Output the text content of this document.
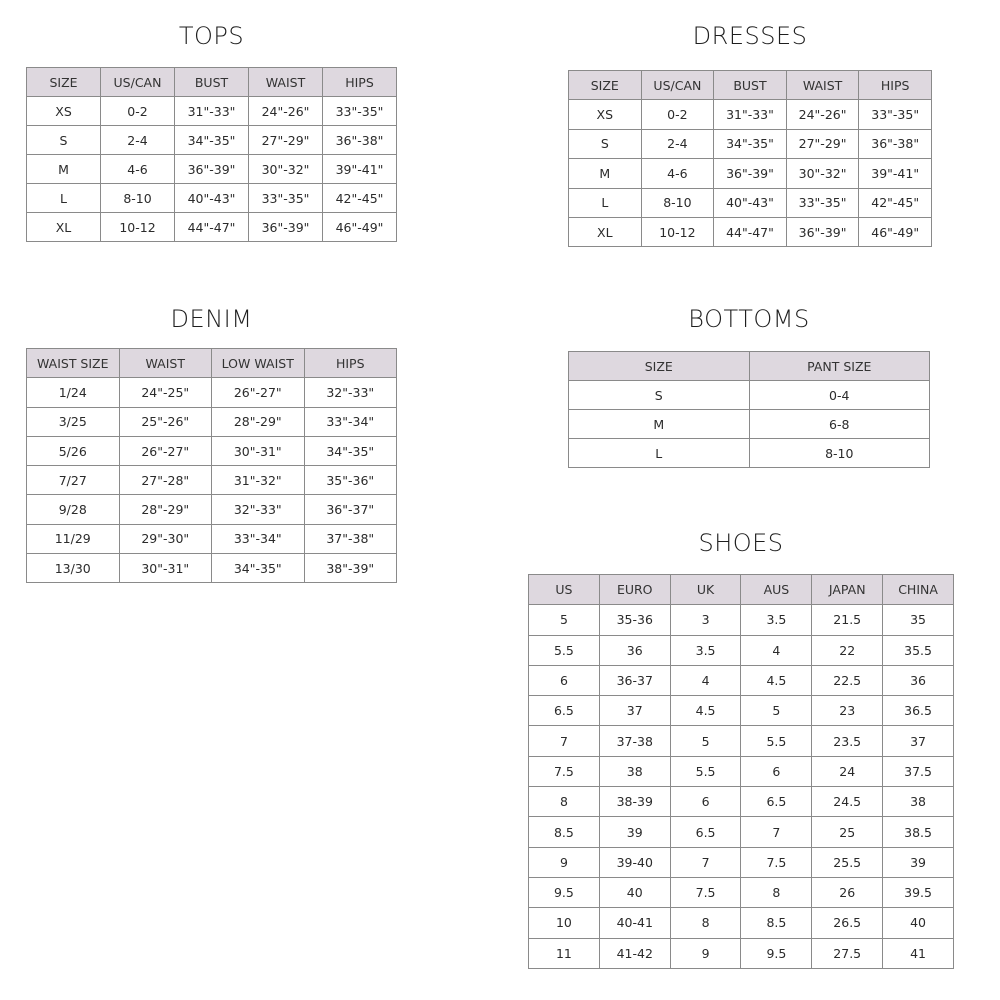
TOPS
SIZE	US/CAN	BUST	WAIST	HIPS
XS	0-2	31"-33"	24"-26"	33"-35"
S	2-4	34"-35"	27"-29"	36"-38"
M	4-6	36"-39"	30"-32"	39"-41"
L	8-10	40"-43"	33"-35"	42"-45"
XL	10-12	44"-47"	36"-39"	46"-49"
DRESSES
SIZE	US/CAN	BUST	WAIST	HIPS
XS	0-2	31"-33"	24"-26"	33"-35"
S	2-4	34"-35"	27"-29"	36"-38"
M	4-6	36"-39"	30"-32"	39"-41"
L	8-10	40"-43"	33"-35"	42"-45"
XL	10-12	44"-47"	36"-39"	46"-49"
DENIM
WAIST SIZE	WAIST	LOW WAIST	HIPS
1/24	24"-25"	26"-27"	32"-33"
3/25	25"-26"	28"-29"	33"-34"
5/26	26"-27"	30"-31"	34"-35"
7/27	27"-28"	31"-32"	35"-36"
9/28	28"-29"	32"-33"	36"-37"
11/29	29"-30"	33"-34"	37"-38"
13/30	30"-31"	34"-35"	38"-39"
BOTTOMS
SIZE	PANT SIZE
S	0-4
M	6-8
L	8-10
SHOES
US	EURO	UK	AUS	JAPAN	CHINA
5	35-36	3	3.5	21.5	35
5.5	36	3.5	4	22	35.5
6	36-37	4	4.5	22.5	36
6.5	37	4.5	5	23	36.5
7	37-38	5	5.5	23.5	37
7.5	38	5.5	6	24	37.5
8	38-39	6	6.5	24.5	38
8.5	39	6.5	7	25	38.5
9	39-40	7	7.5	25.5	39
9.5	40	7.5	8	26	39.5
10	40-41	8	8.5	26.5	40
11	41-42	9	9.5	27.5	41
